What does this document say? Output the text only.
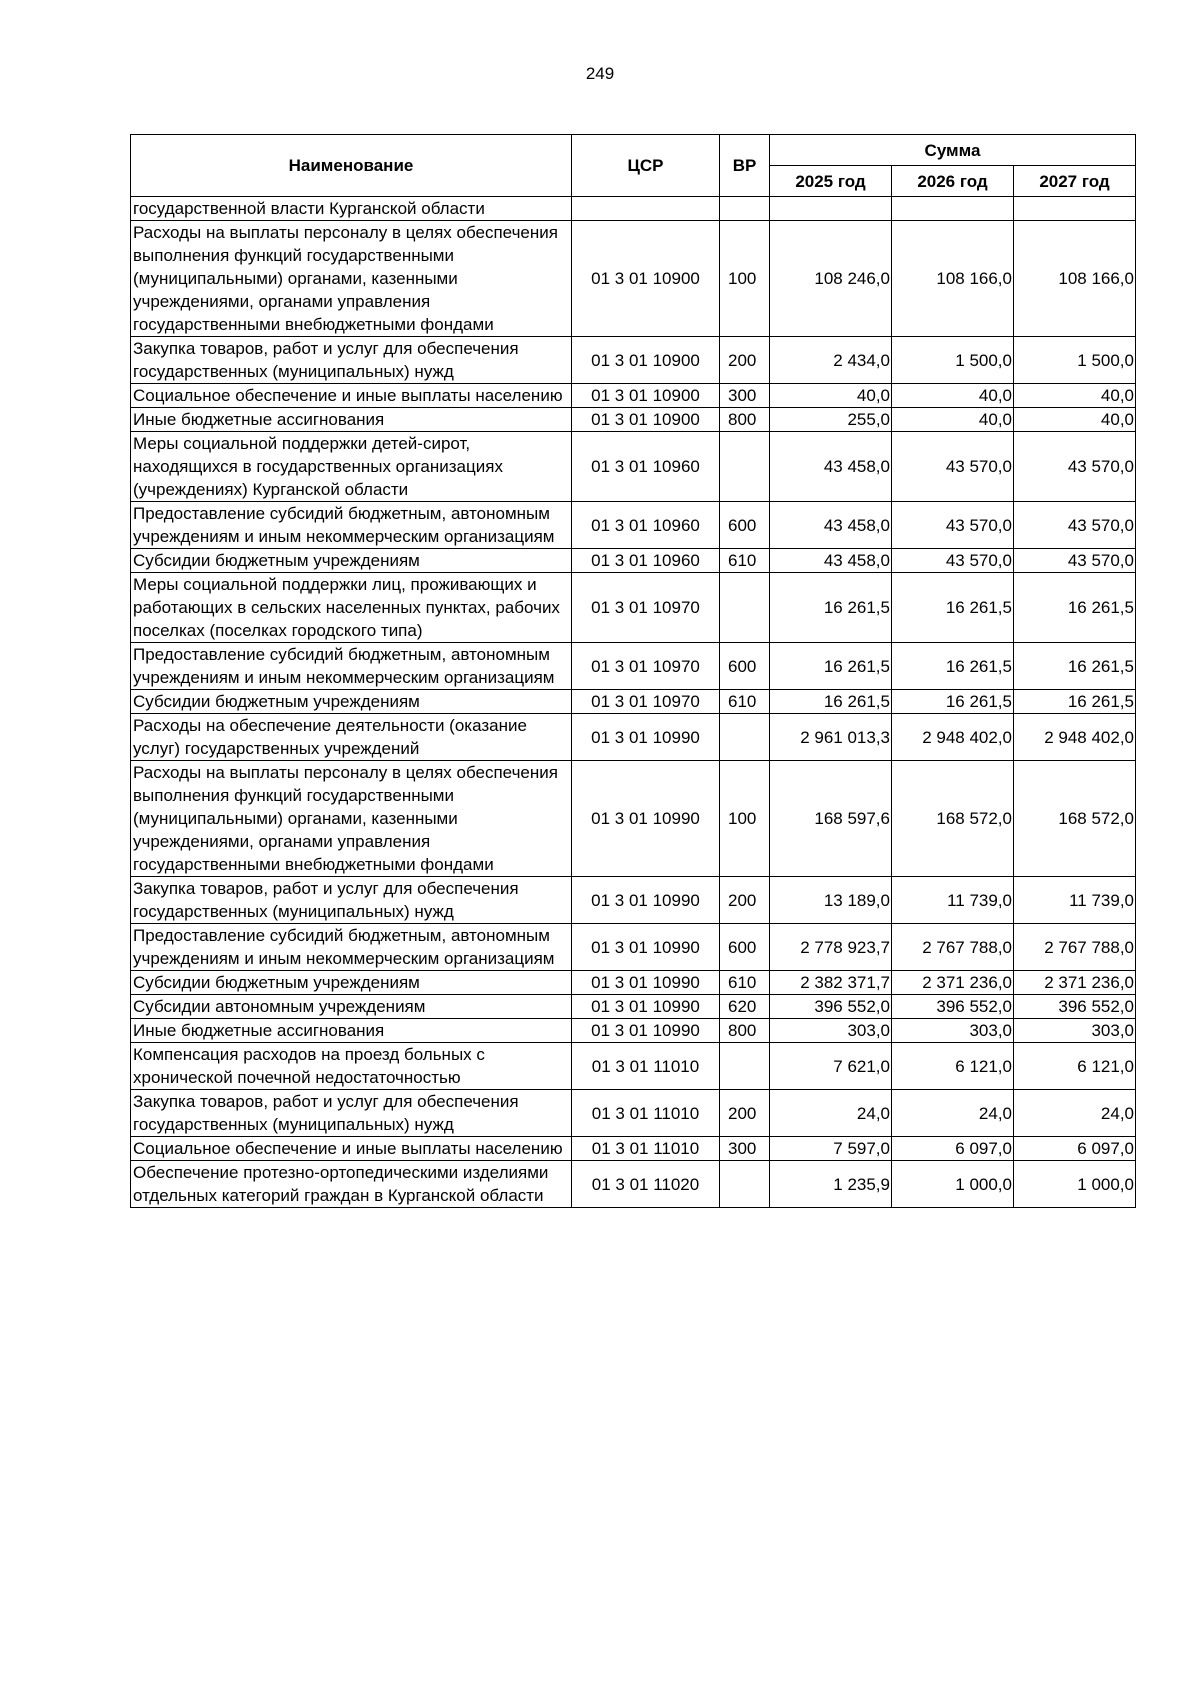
249
Наименование	ЦСР	ВР	Сумма		
			2025 год	2026 год	2027 год
государственной власти Курганской области					
Расходы на выплаты персоналу в целях обеспечения выполнения функций государственными (муниципальными) органами, казенными учреждениями, органами управления государственными внебюджетными фондами	01 3 01 10900	100	108 246,0	108 166,0	108 166,0
Закупка товаров, работ и услуг для обеспечения государственных (муниципальных) нужд	01 3 01 10900	200	2 434,0	1 500,0	1 500,0
Социальное обеспечение и иные выплаты населению	01 3 01 10900	300	40,0	40,0	40,0
Иные бюджетные ассигнования	01 3 01 10900	800	255,0	40,0	40,0
Меры социальной поддержки детей-сирот, находящихся в государственных организациях (учреждениях) Курганской области	01 3 01 10960		43 458,0	43 570,0	43 570,0
Предоставление субсидий бюджетным, автономным учреждениям и иным некоммерческим организациям	01 3 01 10960	600	43 458,0	43 570,0	43 570,0
Субсидии бюджетным учреждениям	01 3 01 10960	610	43 458,0	43 570,0	43 570,0
Меры социальной поддержки лиц, проживающих и работающих в сельских населенных пунктах, рабочих поселках (поселках городского типа)	01 3 01 10970		16 261,5	16 261,5	16 261,5
Предоставление субсидий бюджетным, автономным учреждениям и иным некоммерческим организациям	01 3 01 10970	600	16 261,5	16 261,5	16 261,5
Субсидии бюджетным учреждениям	01 3 01 10970	610	16 261,5	16 261,5	16 261,5
Расходы на обеспечение деятельности (оказание услуг) государственных учреждений	01 3 01 10990		2 961 013,3	2 948 402,0	2 948 402,0
Расходы на выплаты персоналу в целях обеспечения выполнения функций государственными (муниципальными) органами, казенными учреждениями, органами управления государственными внебюджетными фондами	01 3 01 10990	100	168 597,6	168 572,0	168 572,0
Закупка товаров, работ и услуг для обеспечения государственных (муниципальных) нужд	01 3 01 10990	200	13 189,0	11 739,0	11 739,0
Предоставление субсидий бюджетным, автономным учреждениям и иным некоммерческим организациям	01 3 01 10990	600	2 778 923,7	2 767 788,0	2 767 788,0
Субсидии бюджетным учреждениям	01 3 01 10990	610	2 382 371,7	2 371 236,0	2 371 236,0
Субсидии автономным учреждениям	01 3 01 10990	620	396 552,0	396 552,0	396 552,0
Иные бюджетные ассигнования	01 3 01 10990	800	303,0	303,0	303,0
Компенсация расходов на проезд больных с хронической почечной недостаточностью	01 3 01 11010		7 621,0	6 121,0	6 121,0
Закупка товаров, работ и услуг для обеспечения государственных (муниципальных) нужд	01 3 01 11010	200	24,0	24,0	24,0
Социальное обеспечение и иные выплаты населению	01 3 01 11010	300	7 597,0	6 097,0	6 097,0
Обеспечение протезно-ортопедическими изделиями отдельных категорий граждан в Курганской области	01 3 01 11020		1 235,9	1 000,0	1 000,0
